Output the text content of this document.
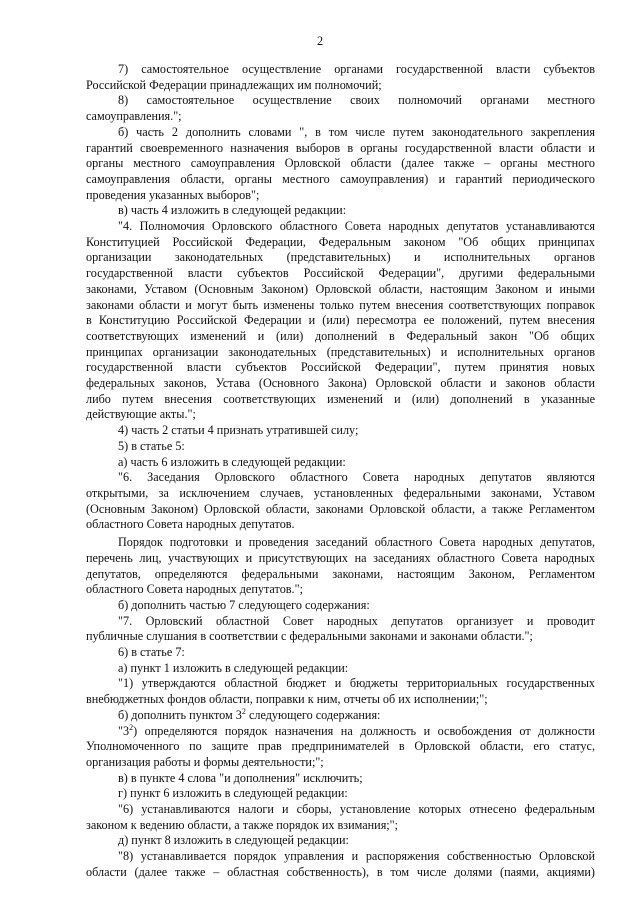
2

7) самостоятельное осуществление органами государственной власти субъектов

Российской Федерации принадлежащих им полномочий;

8) самостоятельное осуществление своих полномочий органами местного

самоуправления.";

б) часть 2 дополнить словами ", в том числе путем законодательного закрепления

гарантий своевременного назначения выборов в органы государственной власти области и

органы местного самоуправления Орловской области (далее также – органы местного

самоуправления области, органы местного самоуправления) и гарантий периодического

проведения указанных выборов";

в) часть 4 изложить в следующей редакции:

"4. Полномочия Орловского областного Совета народных депутатов устанавливаются

Конституцией Российской Федерации, Федеральным законом "Об общих принципах

организации законодательных (представительных) и исполнительных органов

государственной власти субъектов Российской Федерации", другими федеральными

законами, Уставом (Основным Законом) Орловской области, настоящим Законом и иными

законами области и могут быть изменены только путем внесения соответствующих поправок

в Конституцию Российской Федерации и (или) пересмотра ее положений, путем внесения

соответствующих изменений и (или) дополнений в Федеральный закон "Об общих

принципах организации законодательных (представительных) и исполнительных органов

государственной власти субъектов Российской Федерации", путем принятия новых

федеральных законов, Устава (Основного Закона) Орловской области и законов области

либо путем внесения соответствующих изменений и (или) дополнений в указанные

действующие акты.";

4) часть 2 статьи 4 признать утратившей силу;

5) в статье 5:

а) часть 6 изложить в следующей редакции:

"6. Заседания Орловского областного Совета народных депутатов являются

открытыми, за исключением случаев, установленных федеральными законами, Уставом

(Основным Законом) Орловской области, законами Орловской области, а также Регламентом

областного Совета народных депутатов.

Порядок подготовки и проведения заседаний областного Совета народных депутатов,

перечень лиц, участвующих и присутствующих на заседаниях областного Совета народных

депутатов, определяются федеральными законами, настоящим Законом, Регламентом

областного Совета народных депутатов.";

б) дополнить частью 7 следующего содержания:

"7. Орловский областной Совет народных депутатов организует и проводит

публичные слушания в соответствии с федеральными законами и законами области.";

6) в статье 7:

а) пункт 1 изложить в следующей редакции:

"1) утверждаются областной бюджет и бюджеты территориальных государственных

внебюджетных фондов области, поправки к ним, отчеты об их исполнении;";

б) дополнить пунктом $3^2$ следующего содержания:

"$3^2$) определяются порядок назначения на должность и освобождения от должности

Уполномоченного по защите прав предпринимателей в Орловской области, его статус,

организация работы и формы деятельности;";

в) в пункте 4 слова "и дополнения" исключить;

г) пункт 6 изложить в следующей редакции:

"6) устанавливаются налоги и сборы, установление которых отнесено федеральным

законом к ведению области, а также порядок их взимания;";

д) пункт 8 изложить в следующей редакции:

"8) устанавливается порядок управления и распоряжения собственностью Орловской

области (далее также – областная собственность), в том числе долями (паями, акциями)
